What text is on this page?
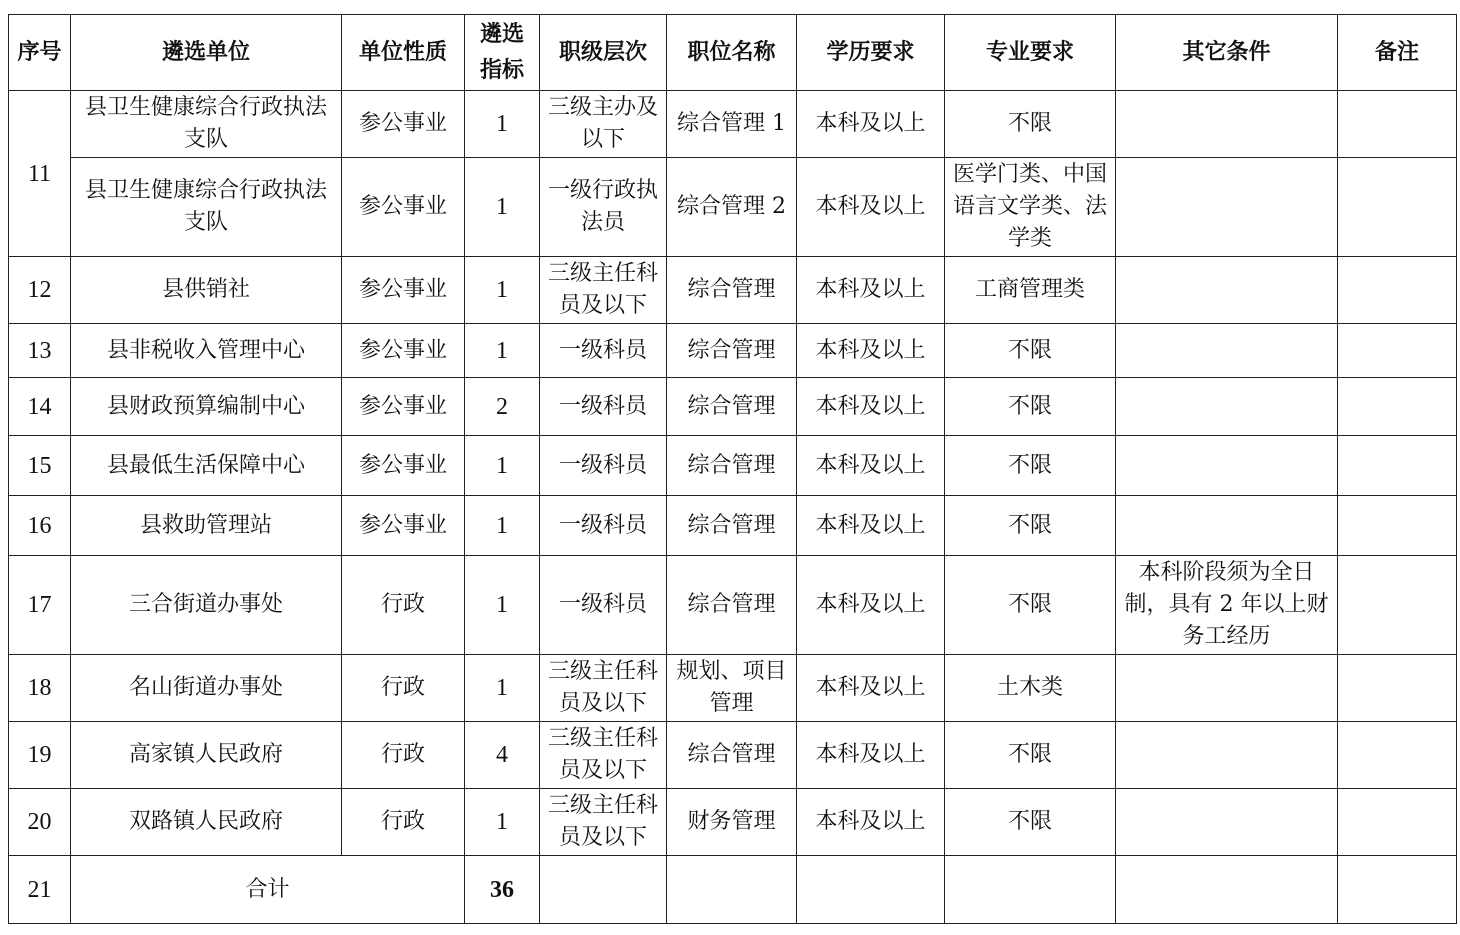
序号	遴选单位	单位性质	遴选指标	职级层次	职位名称	学历要求	专业要求	其它条件	备注
11	县卫生健康综合行政执法支队	参公事业	1	三级主办及以下	综合管理 1	本科及以上	不限		
	县卫生健康综合行政执法支队	参公事业	1	一级行政执法员	综合管理 2	本科及以上	医学门类、中国语言文学类、法学类		
12	县供销社	参公事业	1	三级主任科员及以下	综合管理	本科及以上	工商管理类		
13	县非税收入管理中心	参公事业	1	一级科员	综合管理	本科及以上	不限		
14	县财政预算编制中心	参公事业	2	一级科员	综合管理	本科及以上	不限		
15	县最低生活保障中心	参公事业	1	一级科员	综合管理	本科及以上	不限		
16	县救助管理站	参公事业	1	一级科员	综合管理	本科及以上	不限		
17	三合街道办事处	行政	1	一级科员	综合管理	本科及以上	不限	本科阶段须为全日制，具有 2 年以上财务工经历	
18	名山街道办事处	行政	1	三级主任科员及以下	规划、项目管理	本科及以上	土木类		
19	高家镇人民政府	行政	4	三级主任科员及以下	综合管理	本科及以上	不限		
20	双路镇人民政府	行政	1	三级主任科员及以下	财务管理	本科及以上	不限		
21	合计		36						
